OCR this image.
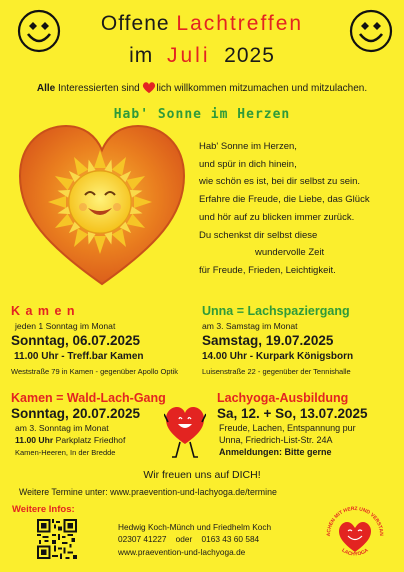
Offene Lachtreffen
im Juli 2025
Alle Interessierten sind lich willkommen mitzumachen und mitzulachen.
Hab' Sonne im Herzen
Hab' Sonne im Herzen,
und spür in dich hinein,
wie schön es ist, bei dir selbst zu sein.
Erfahre die Freude, die Liebe, das Glück
und hör auf zu blicken immer zurück.
Du schenkst dir selbst diese
wundervolle Zeit
für Freude, Frieden, Leichtigkeit.
K a m e n
jeden 1 Sonntag im Monat
Sonntag, 06.07.2025
11.00 Uhr - Treff.bar Kamen
Weststraße 79 in Kamen - gegenüber Apollo Optik
Unna = Lachspaziergang
am 3. Samstag im Monat
Samstag, 19.07.2025
14.00 Uhr - Kurpark Königsborn
Luisenstraße 22 - gegenüber der Tennishalle
Kamen = Wald-Lach-Gang
Sonntag, 20.07.2025
am 3. Sonntag im Monat
11.00 Uhr Parkplatz Friedhof
Kamen-Heeren, In der Bredde
Lachyoga-Ausbildung
Sa, 12. + So, 13.07.2025
Freude, Lachen, Entspannung pur
Unna, Friedrich-List-Str. 24A
Anmeldungen: Bitte gerne
Wir freuen uns auf DICH!
Weitere Termine unter: www.praevention-und-lachyoga.de/termine
Weitere Infos:
Hedwig Koch-Münch und Friedhelm Koch
02307 41227    oder    0163 43 60 584
www.praevention-und-lachyoga.de
ACHEN MIT HERZ UND VERSTAN
LACHYOGA
